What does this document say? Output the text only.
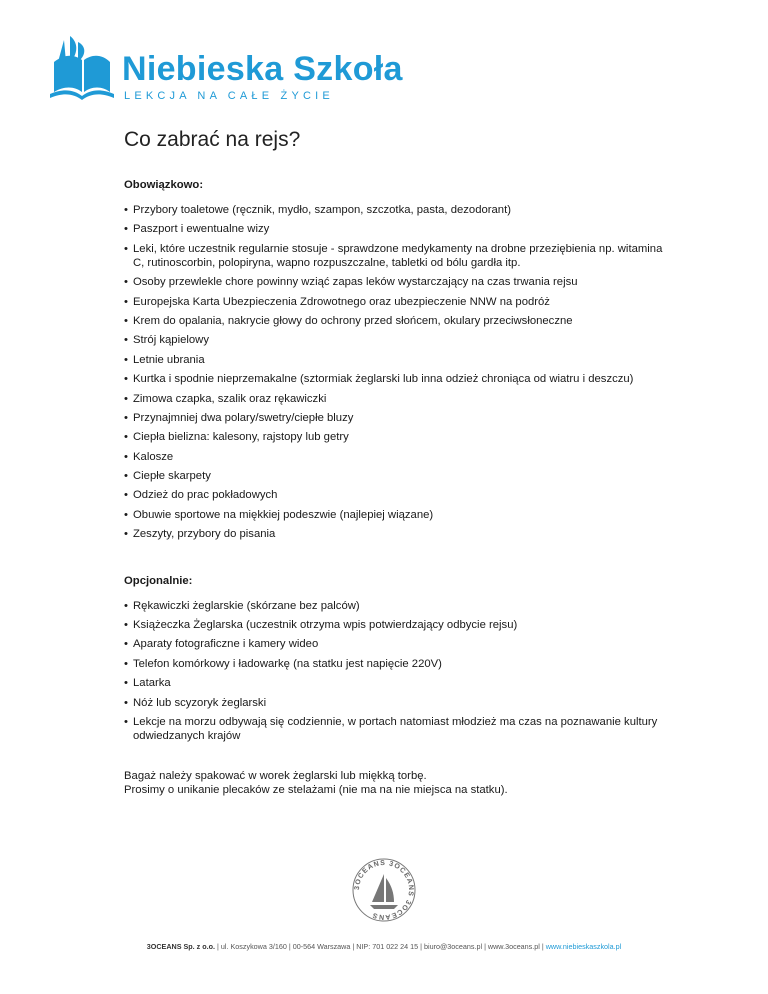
Niebieska Szkoła
LEKCJA NA CAŁE ŻYCIE
Co zabrać na rejs?
Obowiązkowo:
• Przybory toaletowe (ręcznik, mydło, szampon, szczotka, pasta, dezodorant)
• Paszport i ewentualne wizy
• Leki, które uczestnik regularnie stosuje - sprawdzone medykamenty na drobne przeziębienia np. witamina C, rutinoscorbin, polopiryna, wapno rozpuszczalne, tabletki od bólu gardła itp.
• Osoby przewlekle chore powinny wziąć zapas leków wystarczający na czas trwania rejsu
• Europejska Karta Ubezpieczenia Zdrowotnego oraz ubezpieczenie NNW na podróż
• Krem do opalania, nakrycie głowy do ochrony przed słońcem, okulary przeciwsłoneczne
• Strój kąpielowy
• Letnie ubrania
• Kurtka i spodnie nieprzemakalne (sztormiak żeglarski lub inna odzież chroniąca od wiatru i deszczu)
• Zimowa czapka, szalik oraz rękawiczki
• Przynajmniej dwa polary/swetry/ciepłe bluzy
• Ciepła bielizna: kalesony, rajstopy lub getry
• Kalosze
• Ciepłe skarpety
• Odzież do prac pokładowych
• Obuwie sportowe na miękkiej podeszwie (najlepiej wiązane)
• Zeszyty, przybory do pisania
Opcjonalnie:
• Rękawiczki żeglarskie (skórzane bez palców)
• Książeczka Żeglarska (uczestnik otrzyma wpis potwierdzający odbycie rejsu)
• Aparaty fotograficzne i kamery wideo
• Telefon komórkowy i ładowarkę (na statku jest napięcie 220V)
• Latarka
• Nóż lub scyzoryk żeglarski
• Lekcje na morzu odbywają się codziennie, w portach natomiast młodzież ma czas na poznawanie kultury odwiedzanych krajów

Bagaż należy spakować w worek żeglarski lub miękką torbę.

Prosimy o unikanie plecaków ze stelażami (nie ma na nie miejsca na statku).

3OCEANS 3OCEANS 3OCEANS
3OCEANS Sp. z o.o. | ul. Koszykowa 3/160 | 00-564 Warszawa | NIP: 701 022 24 15 | biuro@3oceans.pl | www.3oceans.pl | www.niebieskaszkola.pl
